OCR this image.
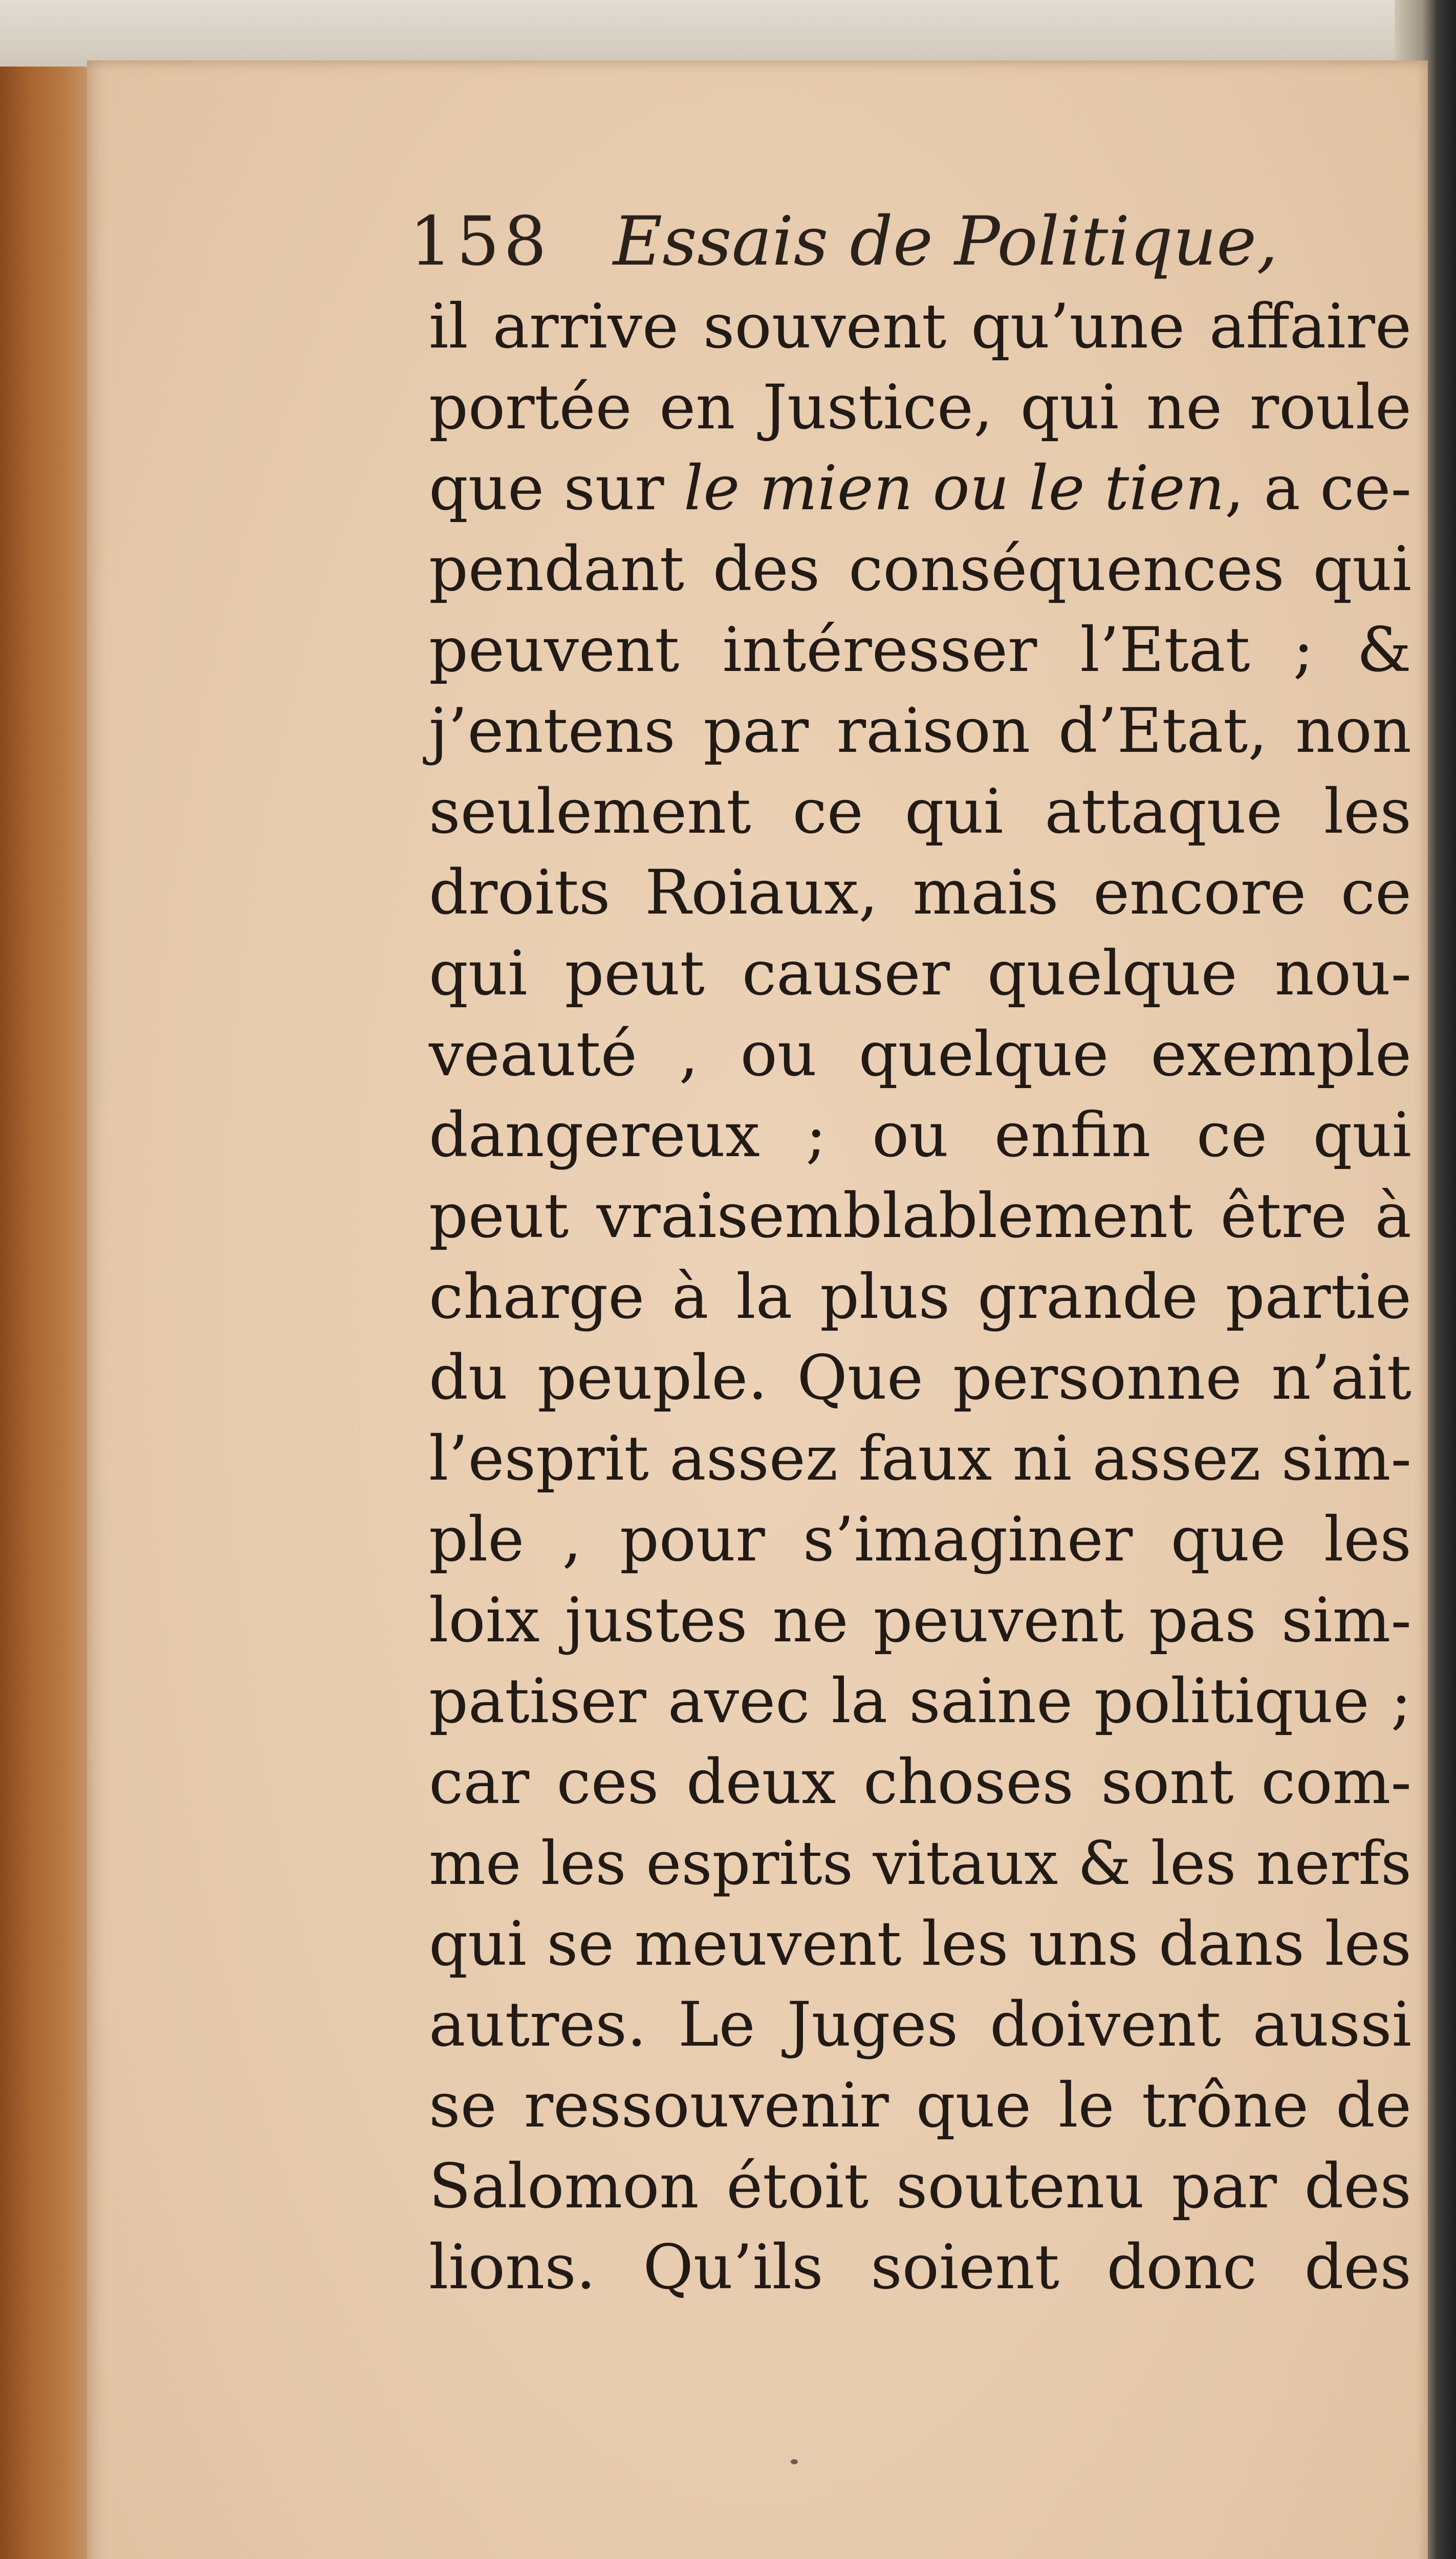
158 Essais de Politique,
il arrive souvent qu’une affaire
portée en Justice, qui ne roule
que sur le mien ou le tien, a ce-
pendant des conséquences qui
peuvent intéresser l’Etat ; &
j’entens par raison d’Etat, non
seulement ce qui attaque les
droits Roiaux, mais encore ce
qui peut causer quelque nou-
veauté , ou quelque exemple
dangereux ; ou enfin ce qui
peut vraisemblablement être à
charge à la plus grande partie
du peuple. Que personne n’ait
l’esprit assez faux ni assez sim-
ple , pour s’imaginer que les
loix justes ne peuvent pas sim-
patiser avec la saine politique ;
car ces deux choses sont com-
me les esprits vitaux & les nerfs
qui se meuvent les uns dans les
autres. Le Juges doivent aussi
se ressouvenir que le trône de
Salomon étoit soutenu par des
lions. Qu’ils soient donc des
